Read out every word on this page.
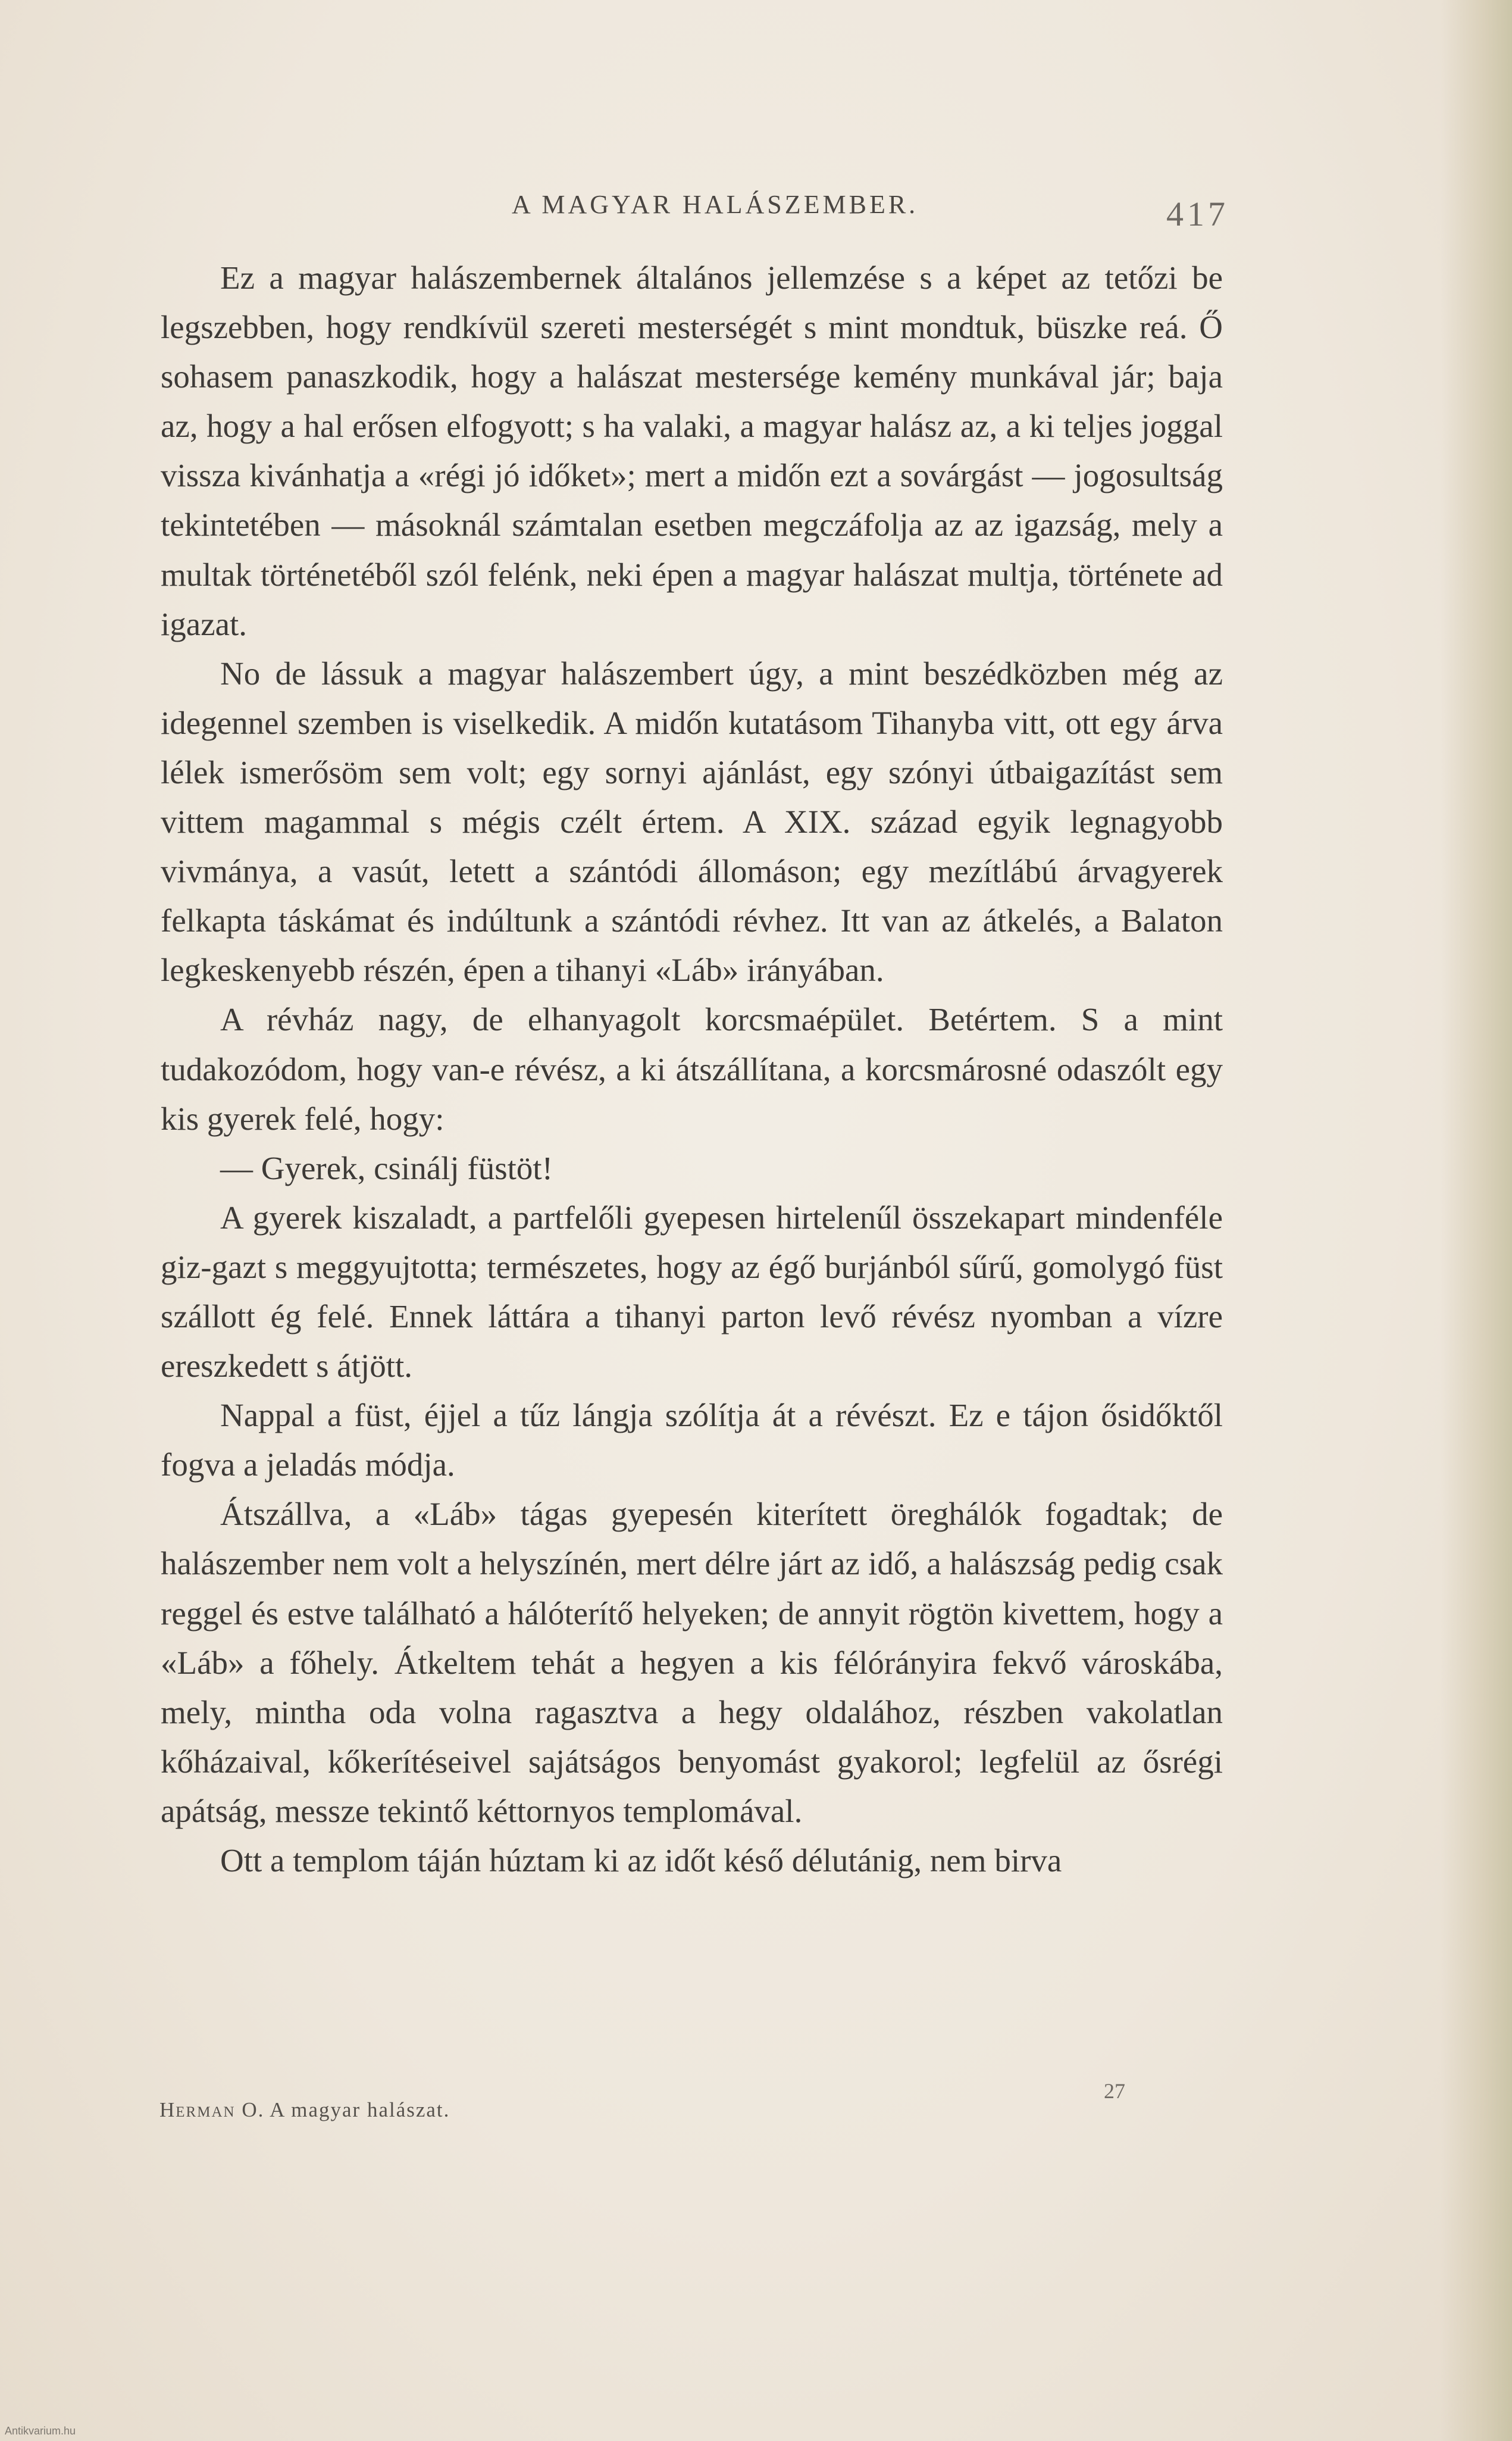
A MAGYAR HALÁSZEMBER.	417

Ez a magyar halászembernek általános jellemzése s a képet az tetőzi be legszebben, hogy rendkívül szereti mesterségét s mint mondtuk, büszke reá. Ő sohasem panaszkodik, hogy a halászat mestersége kemény munkával jár; baja az, hogy a hal erősen elfogyott; s ha valaki, a magyar halász az, a ki teljes joggal vissza kivánhatja a «régi jó időket»; mert a midőn ezt a sovárgást — jogosultság tekintetében — másoknál számtalan esetben megczáfolja az az igazság, mely a multak történetéből szól felénk, neki épen a magyar halászat multja, története ad igazat.

No de lássuk a magyar halászembert úgy, a mint beszédközben még az idegennel szemben is viselkedik. A midőn kutatásom Tihanyba vitt, ott egy árva lélek ismerősöm sem volt; egy sornyi ajánlást, egy szónyi útbaigazítást sem vittem magammal s mégis czélt értem. A XIX. század egyik legnagyobb vivmánya, a vasút, letett a szántódi állomáson; egy mezítlábú árvagyerek felkapta táskámat és indúltunk a szántódi révhez. Itt van az átkelés, a Balaton legkeskenyebb részén, épen a tihanyi «Láb» irányában.

A révház nagy, de elhanyagolt korcsmaépület. Betértem. S a mint tudakozódom, hogy van-e révész, a ki átszállítana, a korcsmárosné odaszólt egy kis gyerek felé, hogy:

— Gyerek, csinálj füstöt!

A gyerek kiszaladt, a partfelőli gyepesen hirtelenűl összekapart mindenféle giz-gazt s meggyujtotta; természetes, hogy az égő burjánból sűrű, gomolygó füst szállott ég felé. Ennek láttára a tihanyi parton levő révész nyomban a vízre ereszkedett s átjött.

Nappal a füst, éjjel a tűz lángja szólítja át a révészt. Ez e tájon ősidőktől fogva a jeladás módja.

Átszállva, a «Láb» tágas gyepesén kiterített öreghálók fogadtak; de halászember nem volt a helyszínén, mert délre járt az idő, a halászság pedig csak reggel és estve található a hálóterítő helyeken; de annyit rögtön kivettem, hogy a «Láb» a főhely. Átkeltem tehát a hegyen a kis félórányira fekvő városkába, mely, mintha oda volna ragasztva a hegy oldalához, részben vakolatlan kőházaival, kőkerítéseivel sajátságos benyomást gyakorol; legfelül az ősrégi apátság, messze tekintő kéttornyos templomával.

Ott a templom táján húztam ki az időt késő délutánig, nem birva

Herman O. A magyar halászat.
27
Antikvarium.hu
